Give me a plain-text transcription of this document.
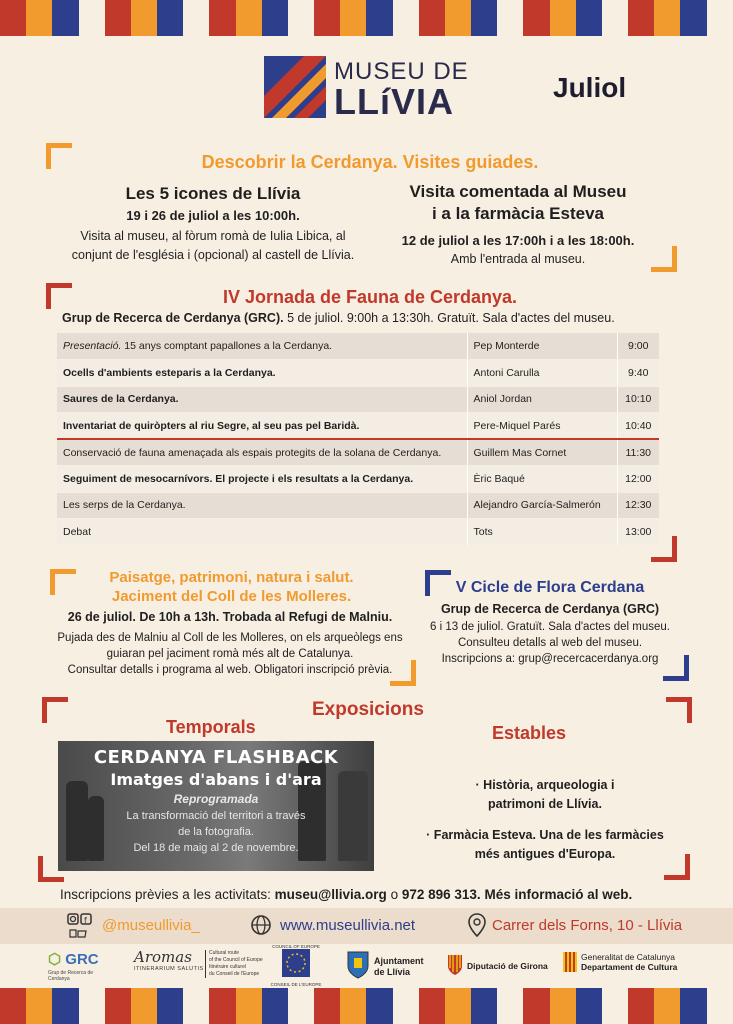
MUSEU DE
LLíVIA	Juliol
Descobrir la Cerdanya. Visites guiades.
Les 5 icones de Llívia
19 i 26 de juliol a les 10:00h.
Visita al museu, al fòrum romà de Iulia Libica, al
conjunt de l'església i (opcional) al castell de Llívia.
Visita comentada al Museu
i a la farmàcia Esteva
12 de juliol a les 17:00h i a les 18:00h.
Amb l'entrada al museu.
IV Jornada de Fauna de Cerdanya.
Grup de Recerca de Cerdanya (GRC). 5 de juliol. 9:00h a 13:30h. Gratuït. Sala d'actes del museu.
Presentació. 15 anys comptant papallones a la Cerdanya.	Pep Monterde	9:00
Ocells d'ambients esteparis a la Cerdanya.	Antoni Carulla	9:40
Saures de la Cerdanya.	Aniol Jordan	10:10
Inventariat de quiròpters al riu Segre, al seu pas pel Baridà.	Pere-Miquel Parés	10:40
Conservació de fauna amenaçada als espais protegits de la solana de Cerdanya.	Guillem Mas Cornet	11:30
Seguiment de mesocarnívors. El projecte i els resultats a la Cerdanya.	Èric Baqué	12:00
Les serps de la Cerdanya.	Alejandro García-Salmerón	12:30
Debat	Tots	13:00
Paisatge, patrimoni, natura i salut.
Jaciment del Coll de les Molleres.
26 de juliol. De 10h a 13h. Trobada al Refugi de Malniu.
Pujada des de Malniu al Coll de les Molleres, on els arqueòlegs ens
guiaran pel jaciment romà més alt de Catalunya.
Consultar detalls i programa al web. Obligatori inscripció prèvia.
V Cicle de Flora Cerdana
Grup de Recerca de Cerdanya (GRC)
6 i 13 de juliol. Gratuït. Sala d'actes del museu.
Consulteu detalls al web del museu.
Inscripcions a: grup@recercacerdanya.org
Exposicions
Temporals	Estables
CERDANYA FLASHBACK
Imatges d'abans i d'ara
Reprogramada
La transformació del territori a través
de la fotografia.
Del 18 de maig al 2 de novembre.
· Història, arqueologia i
patrimoni de Llívia.
· Farmàcia Esteva. Una de les farmàcies
més antigues d'Europa.
Inscripcions prèvies a les activitats: museu@llivia.org o 972 896 313. Més informació al web.
f @museullivia_	www.museullivia.net	Carrer dels Forns, 10 - Llívia
⬡ GRC
Grup de Recerca de Cerdanya
Aromas
ITINERARIUM SALUTIS
Cultural route
of the Council of Europe
Itinéraire culturel
du Conseil de l'Europe
COUNCIL OF EUROPE
CONSEIL DE L'EUROPE
Ajuntament
de Llívia
Diputació de Girona
Generalitat de Catalunya
Departament de Cultura
